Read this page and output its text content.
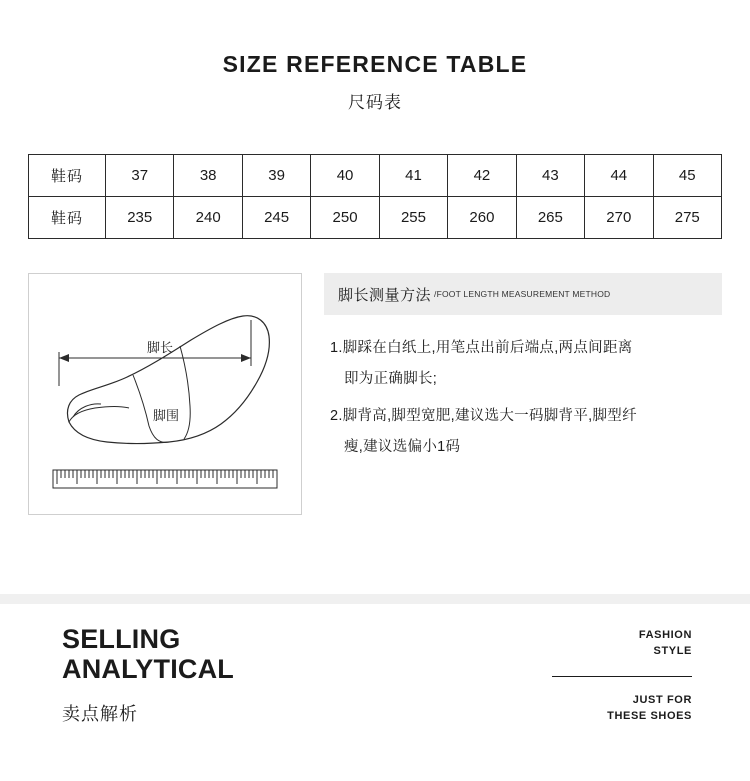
SIZE REFERENCE TABLE
尺码表
鞋码	37	38	39	40	41	42	43	44	45
鞋码	235	240	245	250	255	260	265	270	275
脚长
脚围
脚长测量方法 /FOOT LENGTH MEASUREMENT METHOD
1.脚踩在白纸上,用笔点出前后端点,两点间距离
即为正确脚长;
2.脚背高,脚型宽肥,建议选大一码脚背平,脚型纤
瘦,建议选偏小1码
SELLING
ANALYTICAL
卖点解析
FASHION
STYLE
JUST FOR
THESE SHOES
